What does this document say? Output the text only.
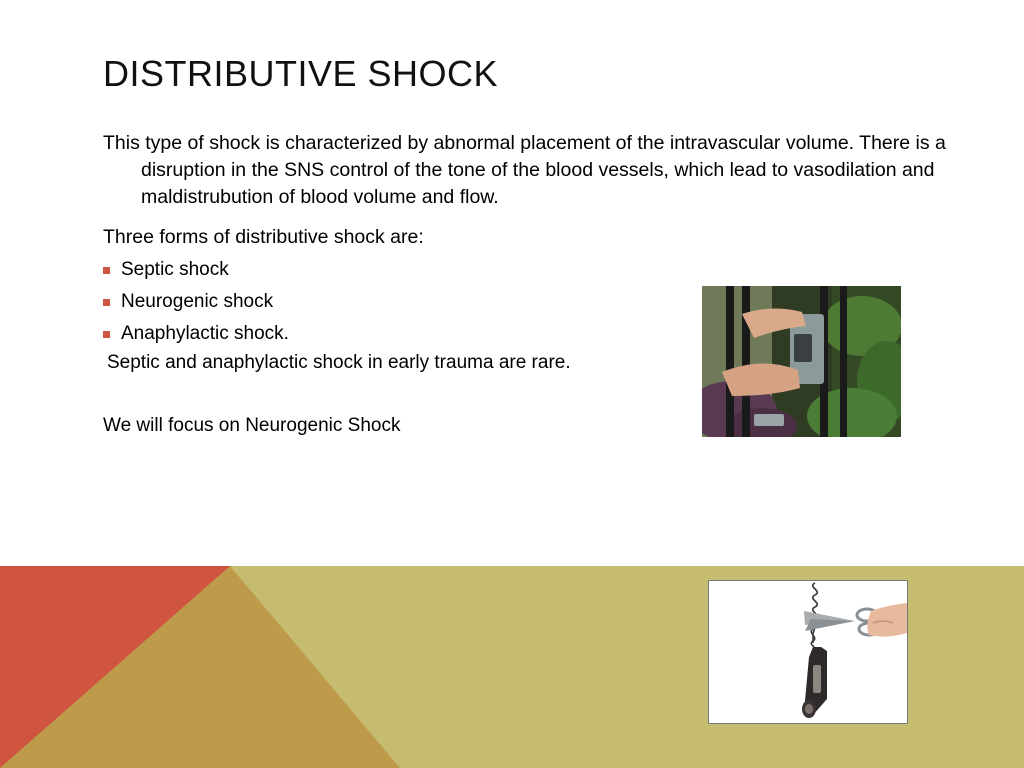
DISTRIBUTIVE SHOCK
This type of shock is characterized by abnormal placement of the intravascular volume. There is a disruption in the SNS control of the tone of the blood vessels, which lead to vasodilation and maldistrubution of blood volume and flow.
Three forms of distributive shock are:
Septic shock
Neurogenic shock
Anaphylactic shock.
Septic and anaphylactic shock in early trauma are rare.
We will focus on Neurogenic Shock
